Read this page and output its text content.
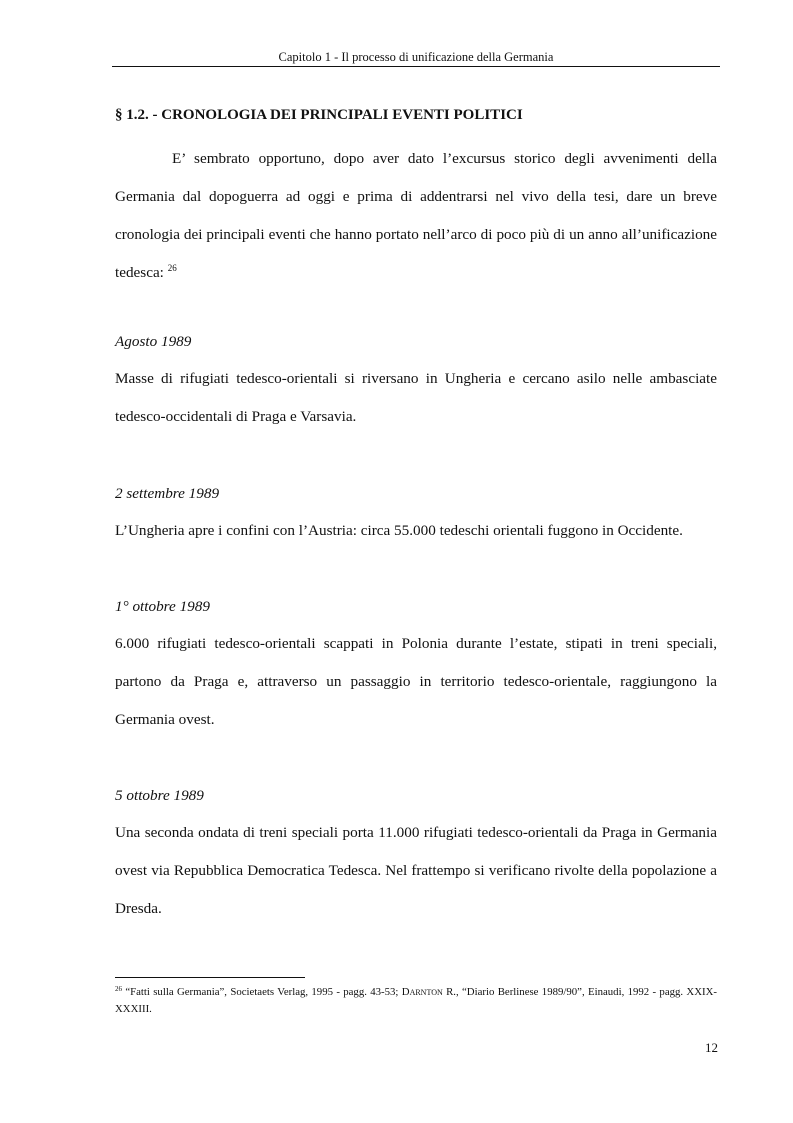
Capitolo 1 - Il processo di unificazione della Germania
§ 1.2. - CRONOLOGIA DEI PRINCIPALI EVENTI POLITICI

E’ sembrato opportuno, dopo aver dato l’excursus storico degli avvenimenti della Germania dal dopoguerra ad oggi e prima di addentrarsi nel vivo della tesi, dare un breve cronologia dei principali eventi che hanno portato nell’arco di poco più di un anno all’unificazione tedesca: $^{26}$

Agosto 1989

Masse di rifugiati tedesco-orientali si riversano in Ungheria e cercano asilo nelle ambasciate tedesco-occidentali di Praga e Varsavia.

2 settembre 1989

L’Ungheria apre i confini con l’Austria: circa 55.000 tedeschi orientali fuggono in Occidente.

1° ottobre 1989

6.000 rifugiati tedesco-orientali scappati in Polonia durante l’estate, stipati in treni speciali, partono da Praga e, attraverso un passaggio in territorio tedesco-orientale, raggiungono la Germania ovest.

5 ottobre 1989

Una seconda ondata di treni speciali porta 11.000 rifugiati tedesco-orientali da Praga in Germania ovest via Repubblica Democratica Tedesca. Nel frattempo si verificano rivolte della popolazione a Dresda.

$^{26}$ “Fatti sulla Germania”, Societaets Verlag, 1995 - pagg. 43-53; Darnton R., “Diario Berlinese 1989/90”, Einaudi, 1992 - pagg. XXIX-XXXIII.

12
